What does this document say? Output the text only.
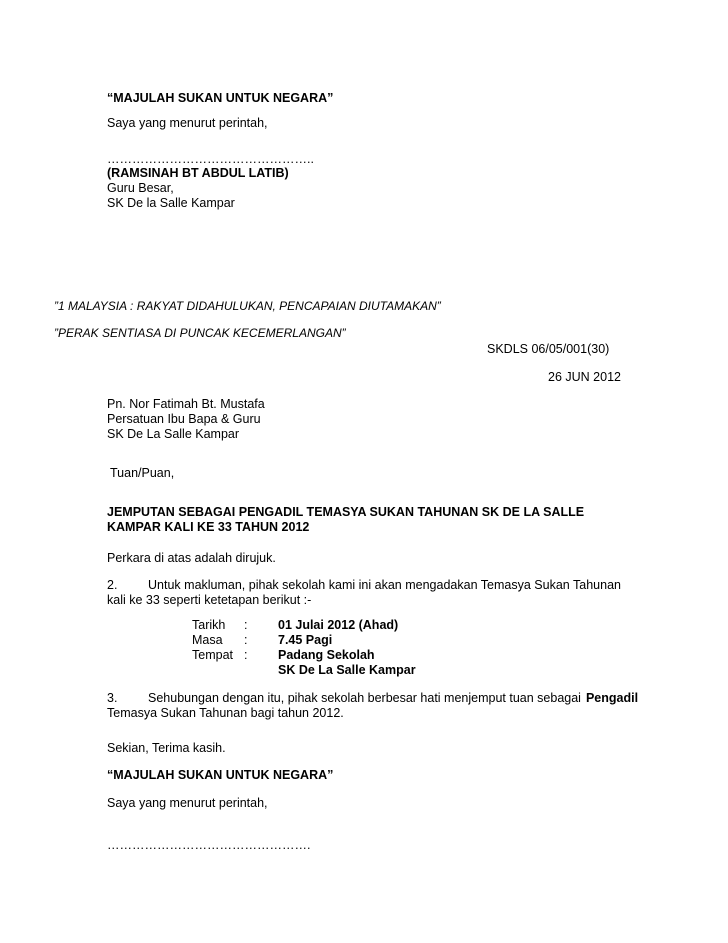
“MAJULAH SUKAN UNTUK NEGARA”
Saya yang menurut perintah,
…………………………………………..
(RAMSINAH BT ABDUL LATIB)
Guru Besar,
SK De la Salle Kampar
”1 MALAYSIA : RAKYAT DIDAHULUKAN, PENCAPAIAN DIUTAMAKAN”
”PERAK SENTIASA DI PUNCAK KECEMERLANGAN”
SKDLS 06/05/001(30)
26 JUN 2012
Pn. Nor Fatimah Bt. Mustafa
Persatuan Ibu Bapa & Guru
SK De La Salle Kampar
Tuan/Puan,
JEMPUTAN SEBAGAI PENGADIL TEMASYA SUKAN TAHUNAN SK DE LA SALLE
KAMPAR KALI KE 33 TAHUN 2012
Perkara di atas adalah dirujuk.
2. Untuk makluman, pihak sekolah kami ini akan mengadakan Temasya Sukan Tahunan
kali ke 33 seperti ketetapan berikut :-
Tarikh : 01 Julai 2012 (Ahad)
Masa : 7.45 Pagi
Tempat : Padang Sekolah
SK De La Salle Kampar
3. Sehubungan dengan itu, pihak sekolah berbesar hati menjemput tuan sebagai Pengadil
Temasya Sukan Tahunan bagi tahun 2012.
Sekian, Terima kasih.
“MAJULAH SUKAN UNTUK NEGARA”
Saya yang menurut perintah,
………………………………………….
